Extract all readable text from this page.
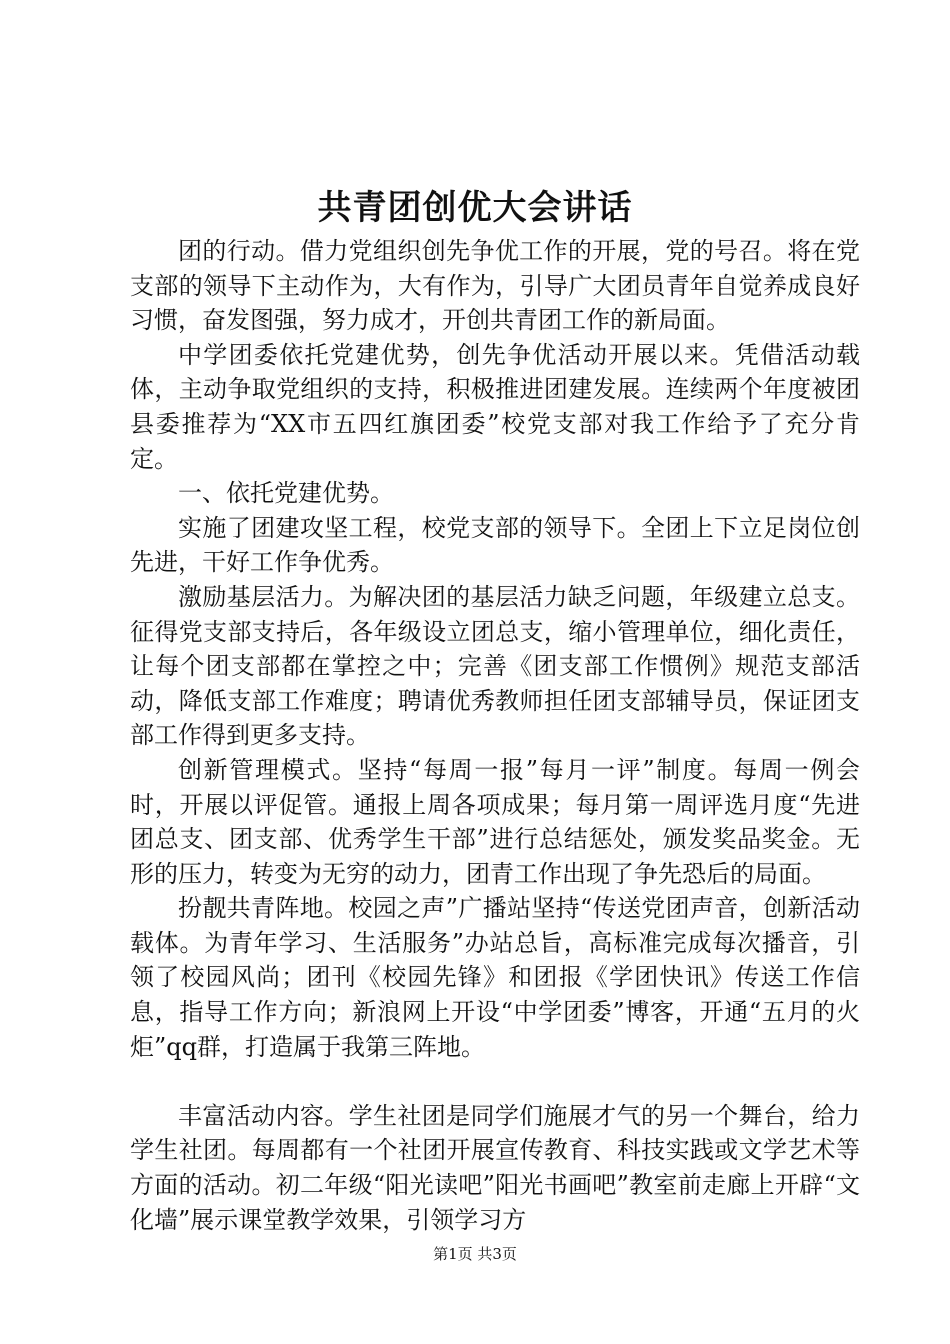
共青团创优大会讲话

团的行动。借力党组织创先争优工作的开展，党的号召。将在党支部的领导下主动作为，大有作为，引导广大团员青年自觉养成良好习惯，奋发图强，努力成才，开创共青团工作的新局面。

中学团委依托党建优势，创先争优活动开展以来。凭借活动载体，主动争取党组织的支持，积极推进团建发展。连续两个年度被团县委推荐为“XX市五四红旗团委”校党支部对我工作给予了充分肯定。

一、依托党建优势。

实施了团建攻坚工程，校党支部的领导下。全团上下立足岗位创先进，干好工作争优秀。

激励基层活力。为解决团的基层活力缺乏问题，年级建立总支。征得党支部支持后，各年级设立团总支，缩小管理单位，细化责任，让每个团支部都在掌控之中；完善《团支部工作惯例》规范支部活动，降低支部工作难度；聘请优秀教师担任团支部辅导员，保证团支部工作得到更多支持。

创新管理模式。坚持“每周一报”每月一评”制度。每周一例会时，开展以评促管。通报上周各项成果；每月第一周评选月度“先进团总支、团支部、优秀学生干部”进行总结惩处，颁发奖品奖金。无形的压力，转变为无穷的动力，团青工作出现了争先恐后的局面。

扮靓共青阵地。校园之声”广播站坚持“传送党团声音，创新活动载体。为青年学习、生活服务”办站总旨，高标准完成每次播音，引领了校园风尚；团刊《校园先锋》和团报《学团快讯》传送工作信息，指导工作方向；新浪网上开设“中学团委”博客，开通“五月的火炬”qq群，打造属于我第三阵地。

丰富活动内容。学生社团是同学们施展才气的另一个舞台，给力学生社团。每周都有一个社团开展宣传教育、科技实践或文学艺术等方面的活动。初二年级“阳光读吧”阳光书画吧”教室前走廊上开辟“文化墙”展示课堂教学效果，引领学习方

第1页 共3页
